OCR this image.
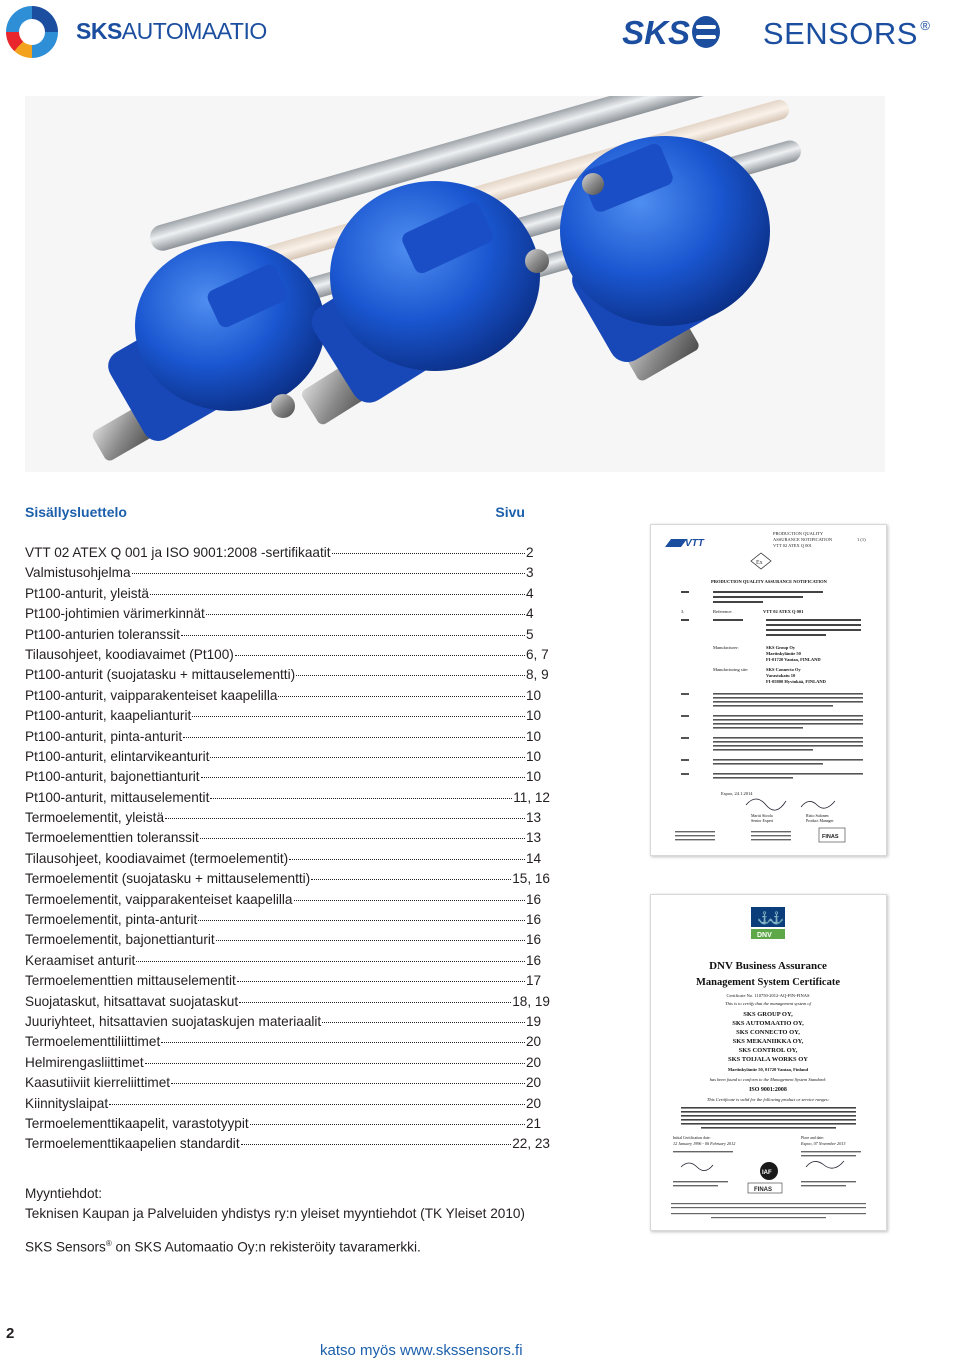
SKSAUTOMAATIO	SKS SENSORS ®
Sisällysluettelo	Sivu
VTT 02 ATEX Q 001 ja ISO 9001:2008 -sertifikaatit	2
Valmistusohjelma	3
Pt100-anturit, yleistä	4
Pt100-johtimien värimerkinnät	4
Pt100-anturien toleranssit	5
Tilausohjeet, koodiavaimet (Pt100)	6, 7
Pt100-anturit (suojatasku + mittauselementti)	8, 9
Pt100-anturit, vaipparakenteiset kaapelilla	10
Pt100-anturit, kaapelianturit	10
Pt100-anturit, pinta-anturit	10
Pt100-anturit, elintarvikeanturit	10
Pt100-anturit, bajonettianturit	10
Pt100-anturit, mittauselementit	11, 12
Termoelementit, yleistä	13
Termoelementtien toleranssit	13
Tilausohjeet, koodiavaimet (termoelementit)	14
Termoelementit (suojatasku + mittauselementti)	15, 16
Termoelementit, vaipparakenteiset kaapelilla	16
Termoelementit, pinta-anturit	16
Termoelementit, bajonettianturit	16
Keraamiset anturit	16
Termoelementtien mittauselementit	17
Suojataskut, hitsattavat suojataskut	18, 19
Juuriyhteet, hitsattavien suojataskujen materiaalit	19
Termoelementtiliittimet	20
Helmirengasliittimet	20
Kaasutiiviit kierreliittimet	20
Kiinnityslaipat	20
Termoelementtikaapelit, varastotyypit	21
Termoelementtikaapelien standardit	22, 23
Myyntiehdot:
Teknisen Kaupan ja Palveluiden yhdistys ry:n yleiset myyntiehdot (TK Yleiset 2010)
SKS Sensors® on SKS Automaatio Oy:n rekisteröity tavaramerkki.
2
katso myös www.skssensors.fi
VTT
PRODUCTION QUALITY
ASSURANCE NOTIFICATION
VTT 02 ATEX Q 001
1 (1)
Ex
PRODUCTION QUALITY ASSURANCE NOTIFICATION
3.	Reference:	VTT 02 ATEX Q 001
Manufacturer:	SKS Group Oy
Martinkyläntie 50
FI-01720 Vantaa, FINLAND
Manufacturing site:	SKS Connecto Oy
Varastokatu 10
FI-05800 Hyvinkää, FINLAND
Espoo, 24.1.2014
Martti Siirola
Senior Expert
Risto Sulonen
Product Manager
FINAS
⚓
⚓
DNV
DNV Business Assurance
Management System Certificate
Certificate No. 110750-2012-AQ-FIN-FINAS
This is to certify that the management system of
SKS GROUP OY,
SKS AUTOMAATIO OY,
SKS CONNECTO OY,
SKS MEKANIIKKA OY,
SKS CONTROL OY,
SKS TOIJALA WORKS OY
Martinkyläntie 50, 01720 Vantaa, Finland
has been found to conform to the Management System Standard:
ISO 9001:2008
This Certificate is valid for the following product or service ranges:
Initial Certification date:
12 January 1996 - 06 February 2012
Place and date:
Espoo, 07 November 2013
IAF
FINAS
